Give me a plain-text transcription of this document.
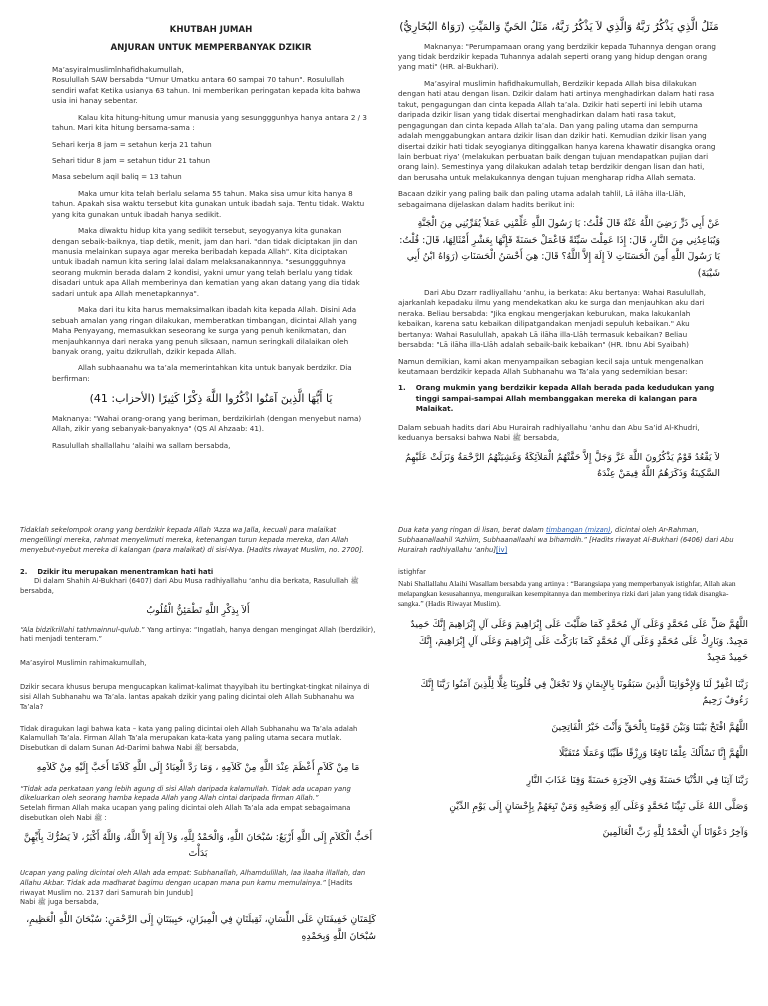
KHUTBAH JUMAH

ANJURAN UNTUK MEMPERBANYAK DZIKIR

Ma’asyiralmuslimînhafidhakumullah,

Rosulullah SAW bersabda "Umur Umatku antara 60 sampai 70 tahun". Rosulullah sendiri wafat Ketika usianya 63 tahun. Ini memberikan peringatan kepada kita bahwa usia ini hanay sebentar.

Kalau kita hitung-hitung umur manusia yang sesungggunhya hanya antara 2 / 3 tahun. Mari kita hitung bersama-sama :

Sehari kerja 8 jam = setahun kerja 21 tahun

Sehari tidur 8 jam = setahun tidur 21 tahun

Masa sebelum aqil baliq = 13 tahun

Maka umur kita telah berlalu selama 55 tahun. Maka sisa umur kita hanya 8 tahun. Apakah sisa waktu tersebut kita gunakan untuk ibadah saja. Tentu tidak. Waktu yang kita gunakan untuk ibadah hanya sedikit.

Maka diwaktu hidup kita yang sedikit tersebut, seyogyanya kita gunakan dengan sebaik-baiknya, tiap detik, menit, jam dan hari. "dan tidak diciptakan jin dan manusia melainkan supaya agar mereka beribadah kepada Allah". Kita diciptakan untuk ibadah namun kita sering lalai dalam melaksanakannnya. "sesunggguhnya seorang mukmin berada dalam 2 kondisi, yakni umur yang telah berlalu yang tidak disadari untuk apa Allah memberinya dan kematian yang akan datang yang dia tidak sadari untuk apa Allah menetapkannya".

Maka dari itu kita harus memaksimalkan ibadah kita kepada Allah. Disini Ada sebuah amalan yang ringan dilakukan, memberatkan timbangan, dicintai Allah yang Maha Penyayang, memasukkan seseorang ke surga yang penuh kenikmatan, dan menjauhkannya dari neraka yang penuh siksaan, namun seringkali dilalaikan oleh banyak orang, yaitu dzikrullah, dzikir kepada Allah.

Allah subhaanahu wa ta’ala memerintahkan kita untuk banyak berdzikr. Dia berfirman:

يَا أَيُّهَا الَّذِينَ آمَنُوا اذْكُرُوا اللَّهَ ذِكْرًا كَثِيرًا (الأحزاب: 41)

Maknanya: "Wahai orang-orang yang beriman, berdzikirlah (dengan menyebut nama) Allah, zikir yang sebanyak-banyaknya" (QS Al Ahzaab: 41).

Rasulullah shallallahu ‘alaihi wa sallam bersabda,

مَثَلُ الَّذِي يَذْكُرُ رَبَّهُ وَالَّذِي لاَ يَذْكُرُ رَبَّهُ، مَثَلُ الحَيِّ وَالمَيِّتِ (رَوَاهُ البُخَارِيُّ)

Maknanya: "Perumpamaan orang yang berdzikir kepada Tuhannya dengan orang yang tidak berdzikir kepada Tuhannya adalah seperti orang yang hidup dengan orang yang mati" (HR. al-Bukhari).

Ma’asyiral muslimin hafidhakumullah, Berdzikir kepada Allah bisa dilakukan dengan hati atau dengan lisan. Dzikir dalam hati artinya menghadirkan dalam hati rasa takut, pengagungan dan cinta kepada Allah ta’ala. Dzikir hati seperti ini lebih utama daripada dzikir lisan yang tidak disertai menghadirkan dalam hati rasa takut, pengagungan dan cinta kepada Allah ta’ala. Dan yang paling utama dan sempurna adalah menggabungkan antara dzikir lisan dan dzikir hati. Kemudian dzikir lisan yang disertai dzikir hati tidak seyogianya ditinggalkan hanya karena khawatir disangka orang lain berbuat riya’ (melakukan perbuatan baik dengan tujuan mendapatkan pujian dari orang lain). Semestinya yang dilakukan adalah tetap berdzikir dengan lisan dan hati, dan berusaha untuk melakukannya dengan tujuan mengharap ridha Allah semata.

Bacaan dzikir yang paling baik dan paling utama adalah tahlil, Lā ilāha illa-Llāh, sebagaimana dijelaskan dalam hadits berikut ini:

عَنْ أَبِي ذَرٍّ رَضِيَ اللَّهُ عَنْهُ قَالَ قُلْتُ: يَا رَسُولَ اللَّهِ عَلِّمْنِي عَمَلاً يُقَرِّبُنِي مِنَ الْجَنَّةِ وَيُبَاعِدُنِي مِنَ النَّارِ، قَالَ: إِذَا عَمِلْتَ سَيِّئَةً فَاعْمَلْ حَسَنَةً فَإِنَّهَا بِعَشْرِ أَمْثَالِهَا، قَالَ: قُلْتُ: يَا رَسُولَ اللَّهِ أَمِنَ الْحَسَنَاتِ لاَ إِلَهَ إِلاَّ اللَّهُ؟ قَالَ: هِيَ أَحْسَنُ الْحَسَنَاتِ (رَوَاهُ ابْنُ أَبِي شَيْبَةَ)

Dari Abu Dzarr radliyallahu ‘anhu, ia berkata: Aku bertanya: Wahai Rasulullah, ajarkanlah kepadaku ilmu yang mendekatkan aku ke surga dan menjauhkan aku dari neraka. Beliau bersabda: "Jika engkau mengerjakan keburukan, maka lakukanlah kebaikan, karena satu kebaikan dilipatgandakan menjadi sepuluh kebaikan." Aku bertanya: Wahai Rasulullah, apakah Lā ilāha illa-Llāh termasuk kebaikan? Beliau bersabda: "Lā ilāha illa-Llāh adalah sebaik-baik kebaikan" (HR. Ibnu Abi Syaibah)

Namun demikian, kami akan menyampaikan sebagian kecil saja untuk mengenalkan keutamaan berdzikir kepada Allah Subhanahu wa Ta’ala yang sedemikian besar:

1. Orang mukmin yang berdzikir kepada Allah berada pada kedudukan yang tinggi sampai-sampai Allah membanggakan mereka di kalangan para Malaikat.

Dalam sebuah hadits dari Abu Hurairah radhiyallahu ‘anhu dan Abu Sa’id Al-Khudri, keduanya bersaksi bahwa Nabi ﷺ bersabda,

لاَ يَقْعُدُ قَوْمٌ يَذْكُرُونَ اللَّهَ عَزَّ وَجَلَّ إِلاَّ حَفَّتْهُمُ الْمَلاَئِكَةُ وَغَشِيَتْهُمُ الرَّحْمَةُ وَنَزَلَتْ عَلَيْهِمُ السَّكِينَةُ وَذَكَرَهُمُ اللَّهُ فِيمَنْ عِنْدَهُ

Tidaklah sekelompok orang yang berdzikir kepada Allah ‘Azza wa Jalla, kecuali para malaikat mengelilingi mereka, rahmat menyelimuti mereka, ketenangan turun kepada mereka, dan Allah menyebut-nyebut mereka di kalangan (para malaikat) di sisi-Nya. [Hadits riwayat Muslim, no. 2700].

2. Dzikir itu merupakan menentramkan hati hati

Di dalam Shahih Al-Bukhari (6407) dari Abu Musa radhiyallahu ‘anhu dia berkata, Rasulullah ﷺ bersabda,

أَلاَ بِذِكْرِ اللَّهِ تَطْمَئِنُّ الْقُلُوبُ

“Ala bidzikrillahi tathmainnul-qulub.” Yang artinya: “Ingatlah, hanya dengan mengingat Allah (berdzikir), hati menjadi tenteram.”

Ma’asyirol Muslimin rahimakumullah,

Dzikir secara khusus berupa mengucapkan kalimat-kalimat thayyibah itu bertingkat-tingkat nilainya di sisi Allah Subhanahu wa Ta’ala. lantas apakah dzikir yang paling dicintai oleh Allah Subhanahu wa Ta’ala?

Tidak diragukan lagi bahwa kata – kata yang paling dicintai oleh Allah Subhanahu wa Ta’ala adalah Kalamullah Ta’ala. Firman Allah Ta’ala merupakan kata-kata yang paling utama secara mutlak. Disebutkan di dalam Sunan Ad-Darimi bahwa Nabi ﷺ bersabda,

مَا مِنْ كَلاَمٍ أَعْظَمَ عِنْدَ اللَّهِ مِنْ كَلاَمِهِ ، وَمَا رَدَّ الْعِبَادُ إِلَى اللَّهِ كَلاَمًا أَحَبَّ إِلَيْهِ مِنْ كَلاَمِهِ

“Tidak ada perkataan yang lebih agung di sisi Allah daripada kalamullah. Tidak ada ucapan yang dikeluarkan oleh seorang hamba kepada Allah yang Allah cintai daripada firman Allah.”
Setelah firman Allah maka ucapan yang paling dicintai oleh Allah Ta’ala ada empat sebagaimana disebutkan oleh Nabi ﷺ :

أَحَبُّ الْكَلاَمِ إِلَى اللَّهِ أَرْبَعٌ: سُبْحَانَ اللَّهِ، وَالْحَمْدُ لِلَّهِ، وَلاَ إِلَهَ إِلاَّ اللَّهُ، وَاللَّهُ أَكْبَرُ، لاَ يَضُرُّكَ بِأَيِّهِنَّ بَدَأْتَ

Ucapan yang paling dicintai oleh Allah ada empat: Subhanallah, Alhamdulillah, laa ilaaha illallah, dan Allahu Akbar. Tidak ada madharat bagimu dengan ucapan mana pun kamu memulainya.” [Hadits riwayat Muslim no. 2137 dari Samurah bin Jundub]

Nabi ﷺ juga bersabda,

كَلِمَتَانِ خَفِيفَتَانِ عَلَى اللِّسَانِ، ثَقِيلَتَانِ فِي الْمِيزَانِ، حَبِيبَتَانِ إِلَى الرَّحْمَنِ: سُبْحَانَ اللَّهِ الْعَظِيمِ، سُبْحَانَ اللَّهِ وَبِحَمْدِهِ

Dua kata yang ringan di lisan, berat dalam timbangan (mizan), dicintai oleh Ar-Rahman, Subhaanallaahil ‘Azhiim, Subhaanallaahi wa bihamdih.” [Hadits riwayat Al-Bukhari (6406) dari Abu Hurairah radhiyallahu ‘anhu][iv]

istighfar

Nabi Shallallahu Alaihi Wasallam bersabda yang artinya : “Barangsiapa yang memperbanyak istighfar, Allah akan melapangkan kesusahannya, menguraikan kesempitannya dan memberinya rizki dari jalan yang tidak disangka-sangka.” (Hadis Riwayat Muslim).

اللَّهُمَّ صَلِّ عَلَى مُحَمَّدٍ وَعَلَى آلِ مُحَمَّدٍ كَمَا صَلَّيْتَ عَلَى إِبْرَاهِيمَ وَعَلَى آلِ إِبْرَاهِيمَ إِنَّكَ حَمِيدٌ مَجِيدٌ. وَبَارِكْ عَلَى مُحَمَّدٍ وَعَلَى آلِ مُحَمَّدٍ كَمَا بَارَكْتَ عَلَى إِبْرَاهِيمَ وَعَلَى آلِ إِبْرَاهِيمَ، إِنَّكَ حَمِيدٌ مَجِيدٌ

رَبَّنَا اغْفِرْ لَنَا وَلإِخْوَانِنَا الَّذِينَ سَبَقُونَا بِالإِيمَانِ وَلا تَجْعَلْ فِي قُلُوبِنَا غِلًّا لِلَّذِينَ آمَنُوا رَبَّنَا إِنَّكَ رَءُوفٌ رَحِيمٌ

اللَّهُمَّ افْتَحْ بَيْنَنَا وَبَيْنَ قَوْمِنَا بِالْحَقِّ وَأَنْتَ خَيْرُ الْفَاتِحِينَ

اللَّهُمَّ إِنَّا نَسْأَلُكَ عِلْمًا نَافِعًا وَرِزْقًا طَيِّبًا وَعَمَلًا مُتَقَبَّلًا

رَبَّنَا آتِنَا فِي الدُّنْيَا حَسَنَةً وَفِي الآخِرَةِ حَسَنَةً وَقِنَا عَذَابَ النَّارِ

وَصَلَّى اللهُ عَلَى نَبِيِّنَا مُحَمَّدٍ وَعَلَى آلِهِ وَصَحْبِهِ وَمَنْ تَبِعَهُمْ بِإِحْسَانٍ إِلَى يَوْمِ الدِّيْنِ

وَآخِرُ دَعْوَانَا أَنِ الْحَمْدُ لِلَّهِ رَبِّ الْعَالَمِينَ
